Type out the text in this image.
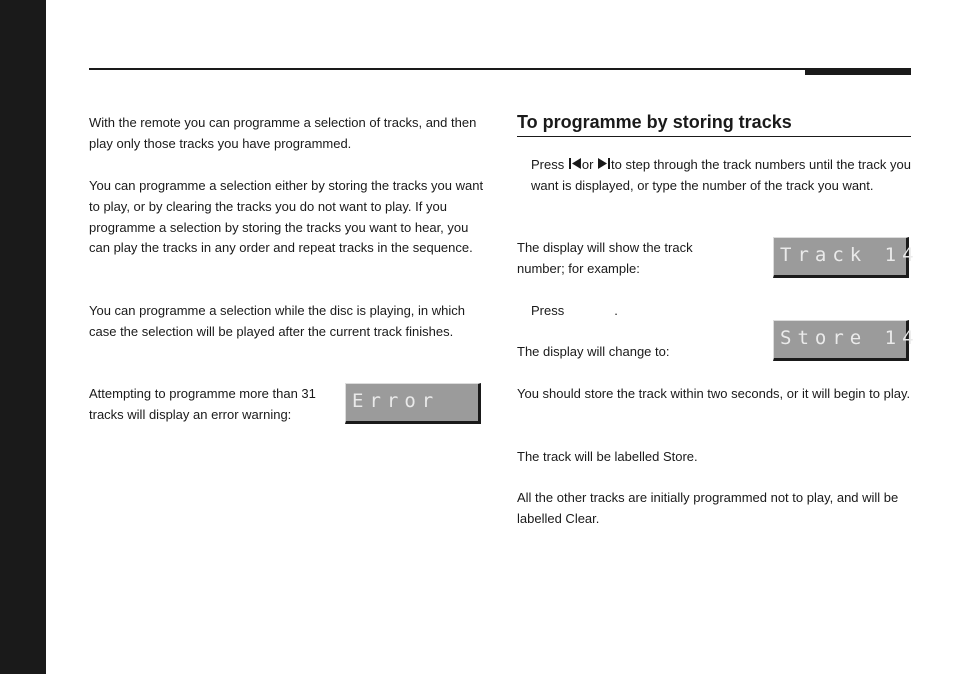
With the remote you can programme a selection of tracks, and then play only those tracks you have programmed.

You can programme a selection either by storing the tracks you want to play, or by clearing the tracks you do not want to play. If you programme a selection by storing the tracks you want to hear, you can play the tracks in any order and repeat tracks in the sequence.

You can programme a selection while the disc is playing, in which case the selection will be played after the current track finishes.

Attempting to programme more than 31 tracks will display an error warning:

Error
To programme by storing tracks

Press or to step through the track numbers until the track you want is displayed, or type the number of the track you want.

The display will show the track number; for example:

Track 14

Press	.

The display will change to:

Store 14

You should store the track within two seconds, or it will begin to play.

The track will be labelled Store.

All the other tracks are initially programmed not to play, and will be labelled Clear.
